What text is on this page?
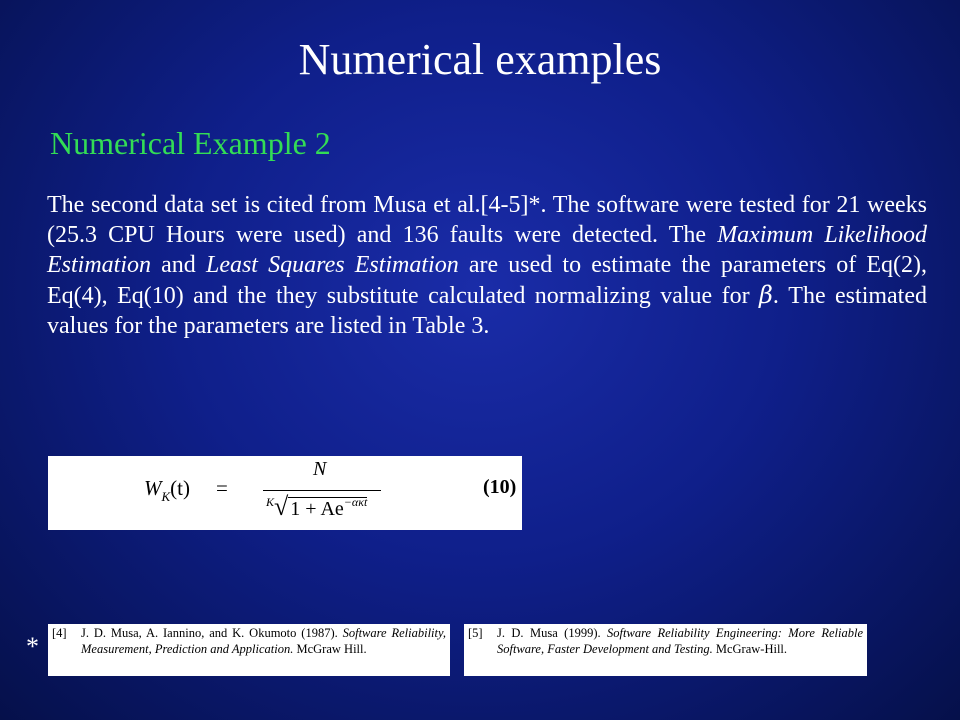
Numerical examples
Numerical Example 2
The second data set is cited from Musa et al.[4-5]*. The software were tested for 21 weeks (25.3 CPU Hours were used) and 136 faults were detected. The Maximum Likelihood Estimation and Least Squares Estimation are used to estimate the parameters of Eq(2), Eq(4), Eq(10) and the they substitute calculated normalizing value for β. The estimated values for the parameters are listed in Table 3.
$W_K(t)$ =
N
$^K$√ $1 + Ae^{-\alpha\kappa t}$
(10)
* [4] J. D. Musa, A. Iannino, and K. Okumoto (1987). Software Reliability, Measurement, Prediction and Application. McGraw Hill.
[5] J. D. Musa (1999). Software Reliability Engineering: More Reliable Software, Faster Development and Testing. McGraw-Hill.
